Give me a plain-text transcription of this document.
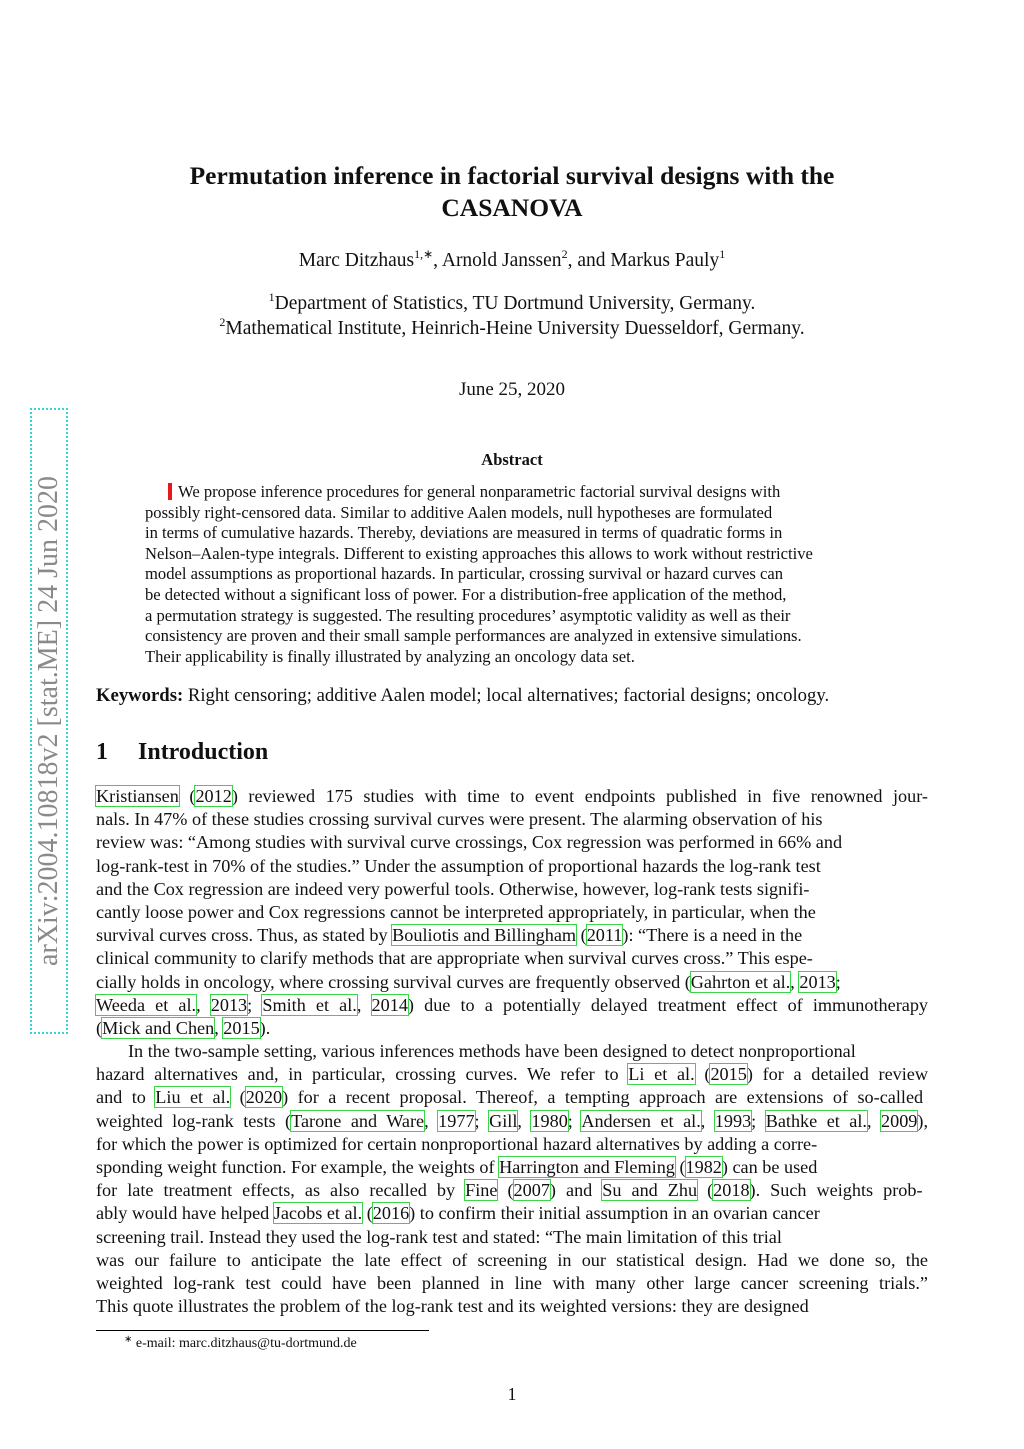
arXiv:2004.10818v2 [stat.ME] 24 Jun 2020
Permutation inference in factorial survival designs with the
CASANOVA
Marc Ditzhaus$^{1,∗}$, Arnold Janssen$^2$, and Markus Pauly$^1$
$^1$Department of Statistics, TU Dortmund University, Germany.
$^2$Mathematical Institute, Heinrich-Heine University Duesseldorf, Germany.
June 25, 2020
Abstract
We propose inference procedures for general nonparametric factorial survival designs with
possibly right-censored data. Similar to additive Aalen models, null hypotheses are formulated
in terms of cumulative hazards. Thereby, deviations are measured in terms of quadratic forms in
Nelson–Aalen-type integrals. Different to existing approaches this allows to work without restrictive
model assumptions as proportional hazards. In particular, crossing survival or hazard curves can
be detected without a significant loss of power. For a distribution-free application of the method,
a permutation strategy is suggested. The resulting procedures’ asymptotic validity as well as their
consistency are proven and their small sample performances are analyzed in extensive simulations.
Their applicability is finally illustrated by analyzing an oncology data set.
Keywords: Right censoring; additive Aalen model; local alternatives; factorial designs; oncology.
1 Introduction
Kristiansen (2012) reviewed 175 studies with time to event endpoints published in five renowned jour-
nals. In 47% of these studies crossing survival curves were present. The alarming observation of his
review was: “Among studies with survival curve crossings, Cox regression was performed in 66% and
log-rank-test in 70% of the studies.” Under the assumption of proportional hazards the log-rank test
and the Cox regression are indeed very powerful tools. Otherwise, however, log-rank tests signifi-
cantly loose power and Cox regressions cannot be interpreted appropriately, in particular, when the
survival curves cross. Thus, as stated by Bouliotis and Billingham (2011): “There is a need in the
clinical community to clarify methods that are appropriate when survival curves cross.” This espe-
cially holds in oncology, where crossing survival curves are frequently observed (Gahrton et al., 2013;
Weeda et al., 2013; Smith et al., 2014) due to a potentially delayed treatment effect of immunotherapy
(Mick and Chen, 2015).
In the two-sample setting, various inferences methods have been designed to detect nonproportional
hazard alternatives and, in particular, crossing curves. We refer to Li et al. (2015) for a detailed review
and to Liu et al. (2020) for a recent proposal. Thereof, a tempting approach are extensions of so-called
weighted log-rank tests (Tarone and Ware, 1977; Gill, 1980; Andersen et al., 1993; Bathke et al., 2009),
for which the power is optimized for certain nonproportional hazard alternatives by adding a corre-
sponding weight function. For example, the weights of Harrington and Fleming (1982) can be used
for late treatment effects, as also recalled by Fine (2007) and Su and Zhu (2018). Such weights prob-
ably would have helped Jacobs et al. (2016) to confirm their initial assumption in an ovarian cancer
screening trail. Instead they used the log-rank test and stated: “The main limitation of this trial
was our failure to anticipate the late effect of screening in our statistical design. Had we done so, the
weighted log-rank test could have been planned in line with many other large cancer screening trials.”
This quote illustrates the problem of the log-rank test and its weighted versions: they are designed
∗ e-mail: marc.ditzhaus@tu-dortmund.de
1
